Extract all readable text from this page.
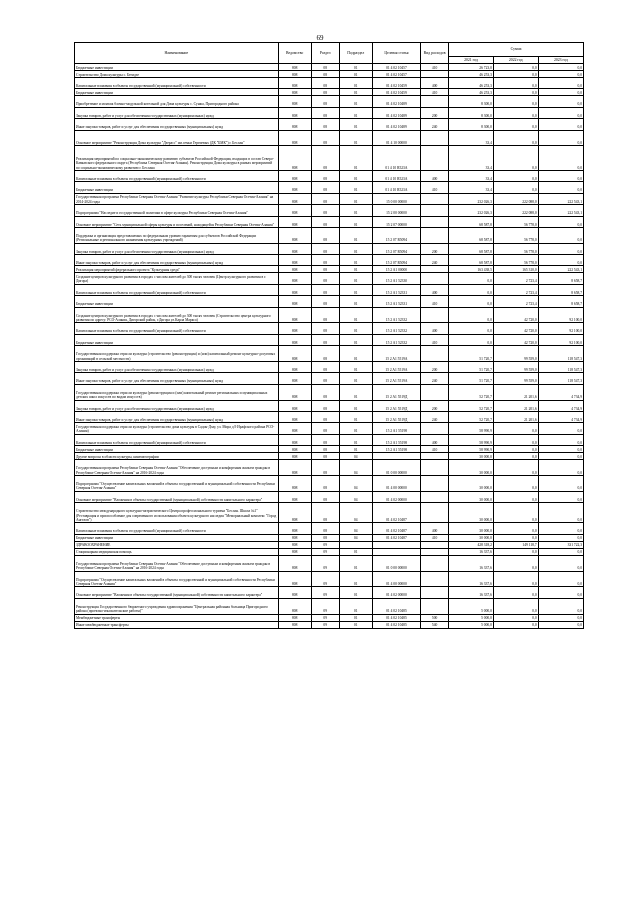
69
Наименование	Ведомство	Раздел	Подраздел	Целевая статья	Вид расходов	Сумма		
						2021 год	2022 год	2023 год
Бюджетные инвестиции	808	08	01	01 4 02 10457	410	26 723,0	0,0	0,0
Строительство Дома культуры с. Бегидзе	808	08	01	01 4 02 10457		46 253,3	0,0	0,0
Капитальные вложения в объекты государственной (муниципальной) собственности	808	08	01	01 4 02 10459	400	46 253,3	0,0	0,0
Бюджетные инвестиции	808	08	01	01 4 02 10459	410	46 253,3	0,0	0,0
Приобретение и монтаж блочно-модульной котельной для Дома культуры с. Сунжа, Пригородного района	808	08	01	01 4 02 10489		8 300,0	0,0	0,0
Закупка товаров, работ и услуг для обеспечения государственных (муниципальных) нужд	808	08	01	01 4 02 10489	200	8 300,0	0,0	0,0
Иные закупки товаров, работ и услуг для обеспечения государственных (муниципальных) нужд	808	08	01	01 4 02 10489	240	8 300,0	0,0	0,0
Основное мероприятие "Реконструкция Дома культуры "Дзерасс" им.семьи Гергиевых (ДК "БМК") г. Беслан"	808	08	01	01 4 10 00000		33,4	0,0	0,0
Реализация мероприятий по социально-экономическому развитию субъектов Российской Федерации, входящих в состав Северо-Кавказского федерального округа (Республика Северная Осетия-Алания). Реконструкция Дома культуры в рамках мероприятий по социально-экономическому развитию г. Беслана	808	08	01	01 4 10 R523A		33,4	0,0	0,0
Капитальные вложения в объекты государственной (муниципальной) собственности	808	08	01	01 4 10 R523A	400	33,4	0,0	0,0
Бюджетные инвестиции	808	08	01	01 4 10 R523A	410	33,4	0,0	0,0
Государственная программа Республики Северная Осетия-Алания "Развитие культуры Республики Северная Осетия-Алания" на 2014-2024 годы	808	08	01	15 0 00 00000		232 026,3	222 088,0	222 543,1
Подпрограмма "Наследие и государственной политики в сфере культуры Республики Северная Осетия-Алания"	808	08	01	15 2 00 00000		232 026,3	222 088,0	222 543,1
Основное мероприятие "Сеть муниципальной сферы культуры и поселений, находящейся Республики Северная Осетия-Алания"	808	08	01	15 2 07 00000		68 587,8	56 778,0	0,0
Поддержка и организация представляемых по федеральным уровню гарантиям для субъектов Российской Федерации (Региональные и регионального назначения культурных учреждений)	808	08	01	15 2 07 R5094		68 587,8	56 778,0	0,0
Закупка товаров, работ и услуг для обеспечения государственных (муниципальных) нужд	808	08	01	15 2 07 R5094	200	68 587,8	56 778,0	0,0
Иные закупки товаров, работ и услуг для обеспечения государственных (муниципальных) нужд	808	08	01	15 2 07 R5094	240	68 587,8	56 778,0	0,0
Реализация мероприятий федерального проекта "Культурная среда"	808	08	01	15 2 A1 00000		163 438,5	165 310,0	222 543,1
Создание центров культурного развития в городах с числом жителей до 300 тысяч человек (Центр культурного развития в г. Дигора)	808	08	01	15 2 A1 52330		0,0	2 723,4	8 658,7
Капитальные вложения в объекты государственной (муниципальной) собственности	808	08	01	15 2 A1 52331	400	0,0	2 723,4	8 658,7
Бюджетные инвестиции	808	08	01	15 2 A1 52331	410	0,0	2 723,4	8 658,7
Создание центров культурного развития в городах с числом жителей до 300 тысяч человек (Строительство центра культурного развития по адресу: РСО-Алания, Дигорский район, г.Дигора ул.Карла Маркса)	808	08	01	15 2 A1 52332		0,0	42 720,0	92 100,0
Капитальные вложения в объекты государственной (муниципальной) собственности	808	08	01	15 2 A1 52332	400	0,0	42 720,0	92 100,0
Бюджетные инвестиции	808	08	01	15 2 A1 52332	410	0,0	42 720,0	92 100,0
Государственная поддержка отрасли культуры (строительство (реконструкция) и (или) капитальный ремонт культурно-досуговых организаций в сельской местности)	808	08	01	15 2 A1 5519А		51 720,7	99 559,0	118 547,3
Закупка товаров, работ и услуг для обеспечения государственных (муниципальных) нужд	808	08	01	15 2 A1 5519А	200	51 720,7	99 559,0	118 547,3
Иные закупки товаров, работ и услуг для обеспечения государственных (муниципальных) нужд	808	08	01	15 2 A1 5519А	240	51 720,7	99 559,0	118 547,3
Государственная поддержка отрасли культуры (реконструкция и (или) капитальный ремонт региональных и муниципальных детских школ искусств по видам искусств)	808	08	01	15 2 A1 5519Д		52 720,7	21 201,6	4 734,9
Закупка товаров, работ и услуг для обеспечения государственных (муниципальных) нужд	808	08	01	15 2 A1 5519Д	200	52 720,7	21 201,6	4 734,9
Иные закупки товаров, работ и услуг для обеспечения государственных (муниципальных) нужд	808	08	01	15 2 A1 5519Д	240	52 720,7	21 201,6	4 734,9
Государственная поддержка отрасли культуры (строительство дома культуры в Садон-Дзау, ул. Мира д.9 Ирафского района РСО-Алания)	808	08	01	15 2 A1 55198		58 990,9	0,0	0,0
Капитальные вложения в объекты государственной (муниципальной) собственности	808	08	01	15 2 A1 55198	400	58 990,9	0,0	0,0
Бюджетные инвестиции	808	08	01	15 2 A1 55198	410	58 990,9	0,0	0,0
Другие вопросы в области культуры, кинематографии	808	08	04			30 000,0	0,0	0,0
Государственная программа Республики Северная Осетия-Алания "Обеспечение доступным и комфортным жильем граждан в Республике Северная Осетия-Алания" на 2016-2024 годы	808	08	04	01 0 00 00000		30 000,0	0,0	0,0
Подпрограмма "Осуществление капитальных вложений в объекты государственной и муниципальной собственности Республики Северная Осетия-Алания"	808	08	04	01 4 00 00000		30 000,0	0,0	0,0
Основное мероприятие "Вложения в объекты государственной (муниципальной) собственности капитального характера"	808	08	04	01 4 02 00000		30 000,0	0,0	0,0
Строительство международного культурно-патриотического Центра профессионального туризма "Беслан. Школа №1" (Реставрация и приспособление для современного использования объекта культурного наследия "Мемориальный комплекс "Город Ангелов")	808	08	04	01 4 02 10487		30 000,0	0,0	0,0
Капитальные вложения в объекты государственной (муниципальной) собственности	808	08	04	01 4 02 10487	400	30 000,0	0,0	0,0
Бюджетные инвестиции	808	08	04	01 4 02 10487	410	30 000,0	0,0	0,0
ЗДРАВООХРАНЕНИЕ	808	09				428 318,2	149 118,7	331 722,3
Стационарная медицинская помощь	808	09	01			16 337,6	0,0	0,0
Государственная программа Республики Северная Осетия-Алания "Обеспечение доступным и комфортным жильем граждан в Республике Северная Осетия-Алания" на 2016-2024 годы	808	09	01	01 0 00 00000		16 337,6	0,0	0,0
Подпрограмма "Осуществление капитальных вложений в объекты государственной и муниципальной собственности Республики Северная Осетия-Алания"	808	09	01	01 4 00 00000		16 337,6	0,0	0,0
Основное мероприятие "Вложения в объекты государственной (муниципальной) собственности капитального характера"	808	09	01	01 4 02 00000		16 337,6	0,0	0,0
Реконструкция Государственного бюджетного учреждения здравоохранения "Центральная районная больница Пригородного района (проектно-изыскательские работы)"	808	09	01	01 4 02 10485		5 000,0	0,0	0,0
Межбюджетные трансферты	808	09	01	01 4 02 10485	500	5 000,0	0,0	0,0
Иные межбюджетные трансферты	808	09	01	01 4 02 10485	540	5 000,0	0,0	0,0
